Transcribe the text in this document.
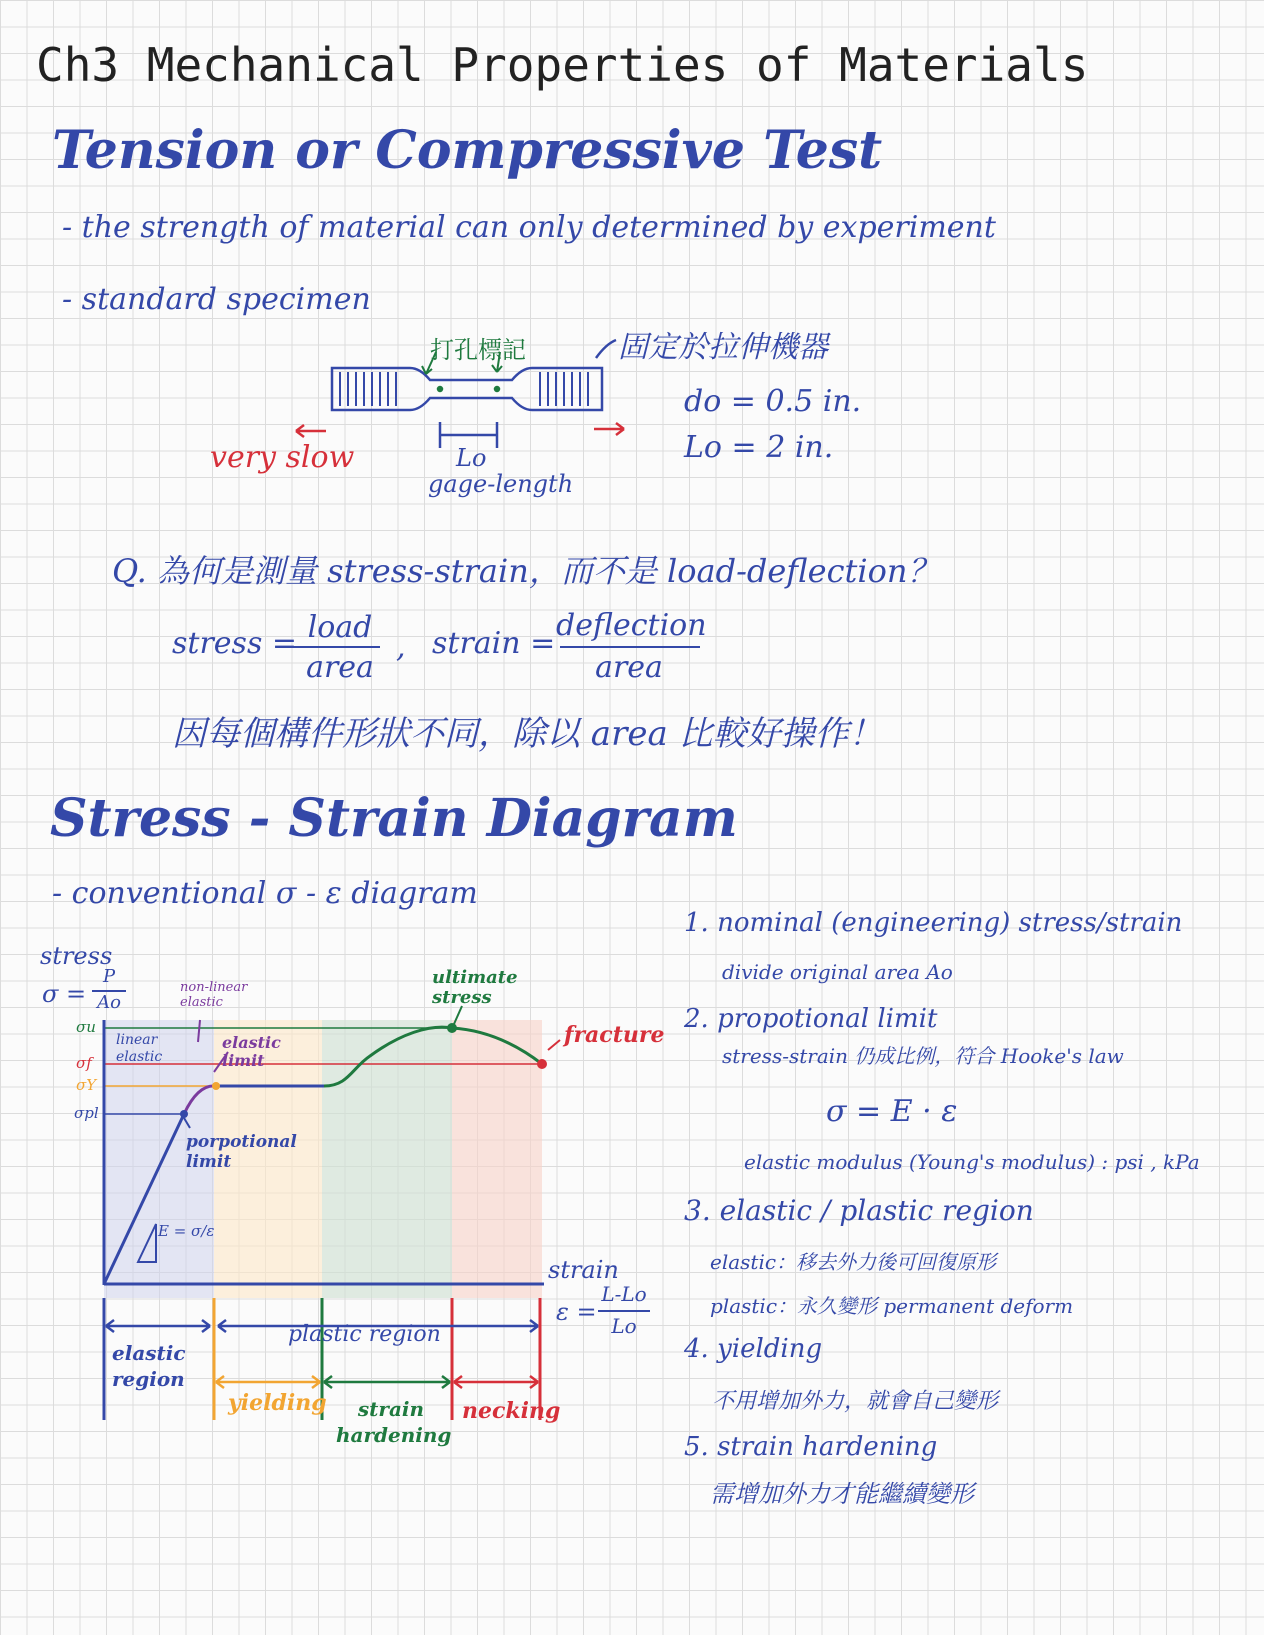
Ch3 Mechanical Properties of Materials
Tension or Compressive Test
- the strength of material can only determined by experiment
- standard specimen
打孔標記	固定於拉伸機器
very slow	Lo
gage-length
do = 0.5 in.
Lo = 2 in.
Q. 為何是測量 stress-strain，而不是 load-deflection？
stress = load
area
, strain =
deflection
area
因每個構件形狀不同，除以 area 比較好操作！
Stress - Strain Diagram
- conventional σ - ε diagram
stress
σ =
P
Ao
σu
σf
σY
σpl
non-linear elastic
linear elastic
elastic limit
ultimate stress
fracture
porpotional limit
E = σ/ε
strain
ε =
L-Lo
Lo
elastic region
plastic region
yielding	strain hardening
necking
1. nominal (engineering) stress/strain
divide original area Ao
2. propotional limit
stress-strain 仍成比例，符合 Hooke's law
σ = E · ε
elastic modulus (Young's modulus) : psi , kPa
3. elastic / plastic region
elastic：移去外力後可回復原形
plastic：永久變形 permanent deform
4. yielding
不用增加外力，就會自己變形
5. strain hardening
需增加外力才能繼續變形
